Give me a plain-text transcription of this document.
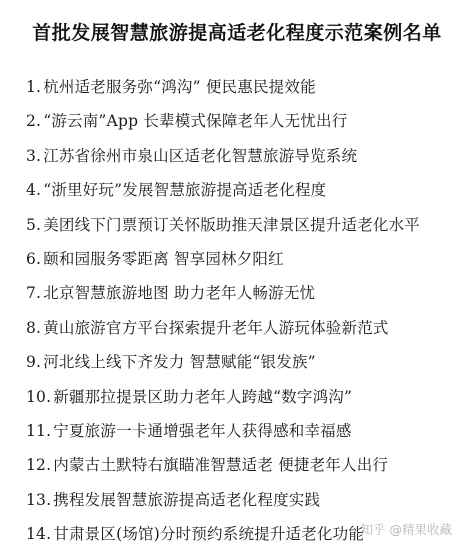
首批发展智慧旅游提高适老化程度示范案例名单
1. 杭州适老服务弥“鸿沟” 便民惠民提效能
2. “游云南”App 长辈模式保障老年人无忧出行
3. 江苏省徐州市泉山区适老化智慧旅游导览系统
4. “浙里好玩”发展智慧旅游提高适老化程度
5. 美团线下门票预订关怀版助推天津景区提升适老化水平
6. 颐和园服务零距离 智享园林夕阳红
7. 北京智慧旅游地图 助力老年人畅游无忧
8. 黄山旅游官方平台探索提升老年人游玩体验新范式
9. 河北线上线下齐发力 智慧赋能“银发族”
10. 新疆那拉提景区助力老年人跨越“数字鸿沟”
11. 宁夏旅游一卡通增强老年人获得感和幸福感
12. 内蒙古土默特右旗瞄准智慧适老 便捷老年人出行
13. 携程发展智慧旅游提高适老化程度实践
14. 甘肃景区(场馆)分时预约系统提升适老化功能
知乎 @精果收藏
